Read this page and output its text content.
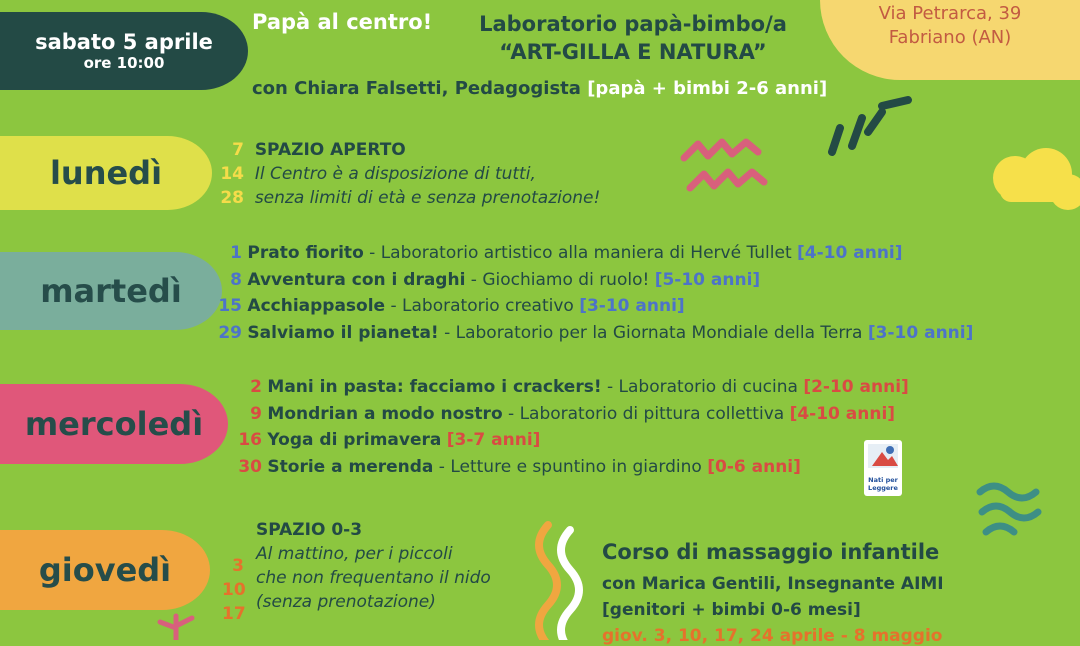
sabato 5 aprile
ore 10:00
Papà al centro!	Laboratorio papà-bimbo/a
“ART-GILLA E NATURA”
con Chiara Falsetti, Pedagogista [papà + bimbi 2-6 anni]
Via Petrarca, 39
Fabriano (AN)
lunedì
7 SPAZIO APERTO
14 Il Centro è a disposizione di tutti,
28 senza limiti di età e senza prenotazione!
martedì
1 Prato fiorito - Laboratorio artistico alla maniera di Hervé Tullet [4-10 anni]
8 Avventura con i draghi - Giochiamo di ruolo! [5-10 anni]
15 Acchiappasole - Laboratorio creativo [3-10 anni]
29 Salviamo il pianeta! - Laboratorio per la Giornata Mondiale della Terra [3-10 anni]
mercoledì
2 Mani in pasta: facciamo i crackers! - Laboratorio di cucina [2-10 anni]
9 Mondrian a modo nostro - Laboratorio di pittura collettiva [4-10 anni]
16 Yoga di primavera [3-7 anni]
30 Storie a merenda - Letture e spuntino in giardino [0-6 anni]
Nati per Leggere
giovedì	3
10
17
SPAZIO 0-3
Al mattino, per i piccoli
che non frequentano il nido
(senza prenotazione)
Corso di massaggio infantile
con Marica Gentili, Insegnante AIMI
[genitori + bimbi 0-6 mesi]
giov. 3, 10, 17, 24 aprile - 8 maggio
